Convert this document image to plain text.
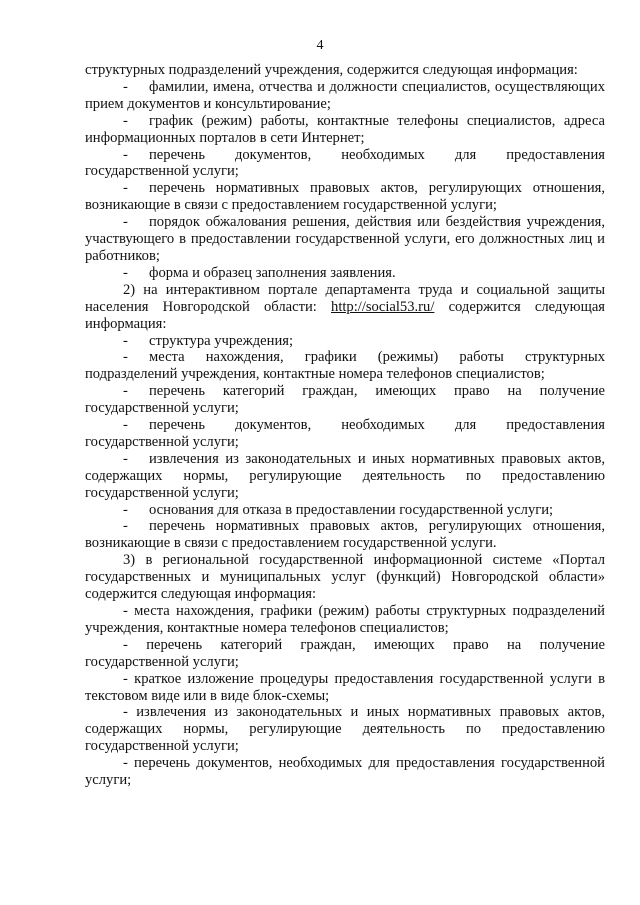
4

структурных подразделений учреждения, содержится следующая информация:

- фамилии, имена, отчества и должности специалистов, осуществляющих прием документов и консультирование;

- график (режим) работы, контактные телефоны специалистов, адреса информационных порталов в сети Интернет;

- перечень документов, необходимых для предоставления государственной услуги;

- перечень нормативных правовых актов, регулирующих отношения, возникающие в связи с предоставлением государственной услуги;

- порядок обжалования решения, действия или бездействия учреждения, участвующего в предоставлении государственной услуги, его должностных лиц и работников;

- форма и образец заполнения заявления.

2) на интерактивном портале департамента труда и социальной защиты населения Новгородской области: http://social53.ru/ содержится следующая информация:

- структура учреждения;

- места нахождения, графики (режимы) работы структурных подразделений учреждения, контактные номера телефонов специалистов;

- перечень категорий граждан, имеющих право на получение государственной услуги;

- перечень документов, необходимых для предоставления государственной услуги;

- извлечения из законодательных и иных нормативных правовых актов, содержащих нормы, регулирующие деятельность по предоставлению государственной услуги;

- основания для отказа в предоставлении государственной услуги;

- перечень нормативных правовых актов, регулирующих отношения, возникающие в связи с предоставлением государственной услуги.

3) в региональной государственной информационной системе «Портал государственных и муниципальных услуг (функций) Новгородской области» содержится следующая информация:

- места нахождения, графики (режим) работы структурных подразделений учреждения, контактные номера телефонов специалистов;

- перечень категорий граждан, имеющих право на получение государственной услуги;

- краткое изложение процедуры предоставления государственной услуги в текстовом виде или в виде блок-схемы;

- извлечения из законодательных и иных нормативных правовых актов, содержащих нормы, регулирующие деятельность по предоставлению государственной услуги;

- перечень документов, необходимых для предоставления государственной услуги;
